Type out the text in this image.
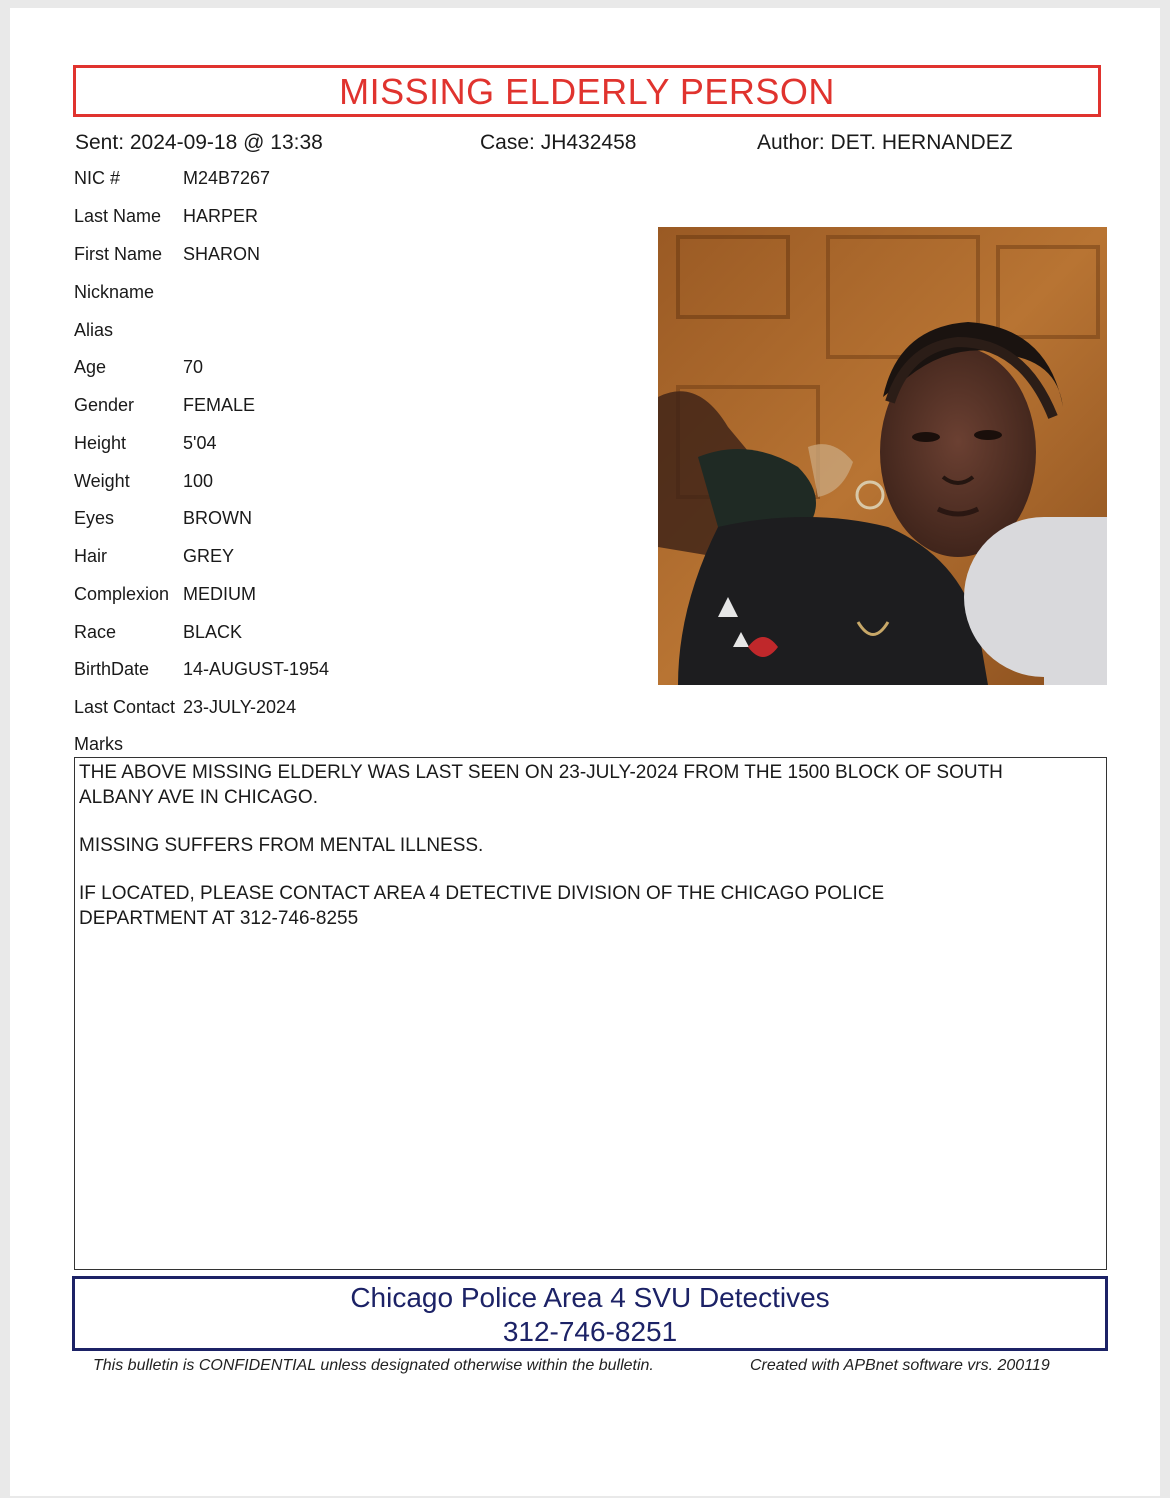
MISSING ELDERLY PERSON
Sent: 2024-09-18 @ 13:38	Case: JH432458	Author: DET. HERNANDEZ
NIC #	M24B7267
Last Name HARPER
First Name SHARON
Nickname
Alias
Age	70
Gender	FEMALE
Height	5'04
Weight	100
Eyes	BROWN
Hair	GREY
Complexion MEDIUM
Race	BLACK
BirthDate 14-AUGUST-1954
Last Contact 23-JULY-2024
Marks

THE ABOVE MISSING ELDERLY WAS LAST SEEN ON 23-JULY-2024 FROM THE 1500 BLOCK OF SOUTH
ALBANY AVE IN CHICAGO.

MISSING SUFFERS FROM MENTAL ILLNESS.

IF LOCATED, PLEASE CONTACT AREA 4 DETECTIVE DIVISION OF THE CHICAGO POLICE
DEPARTMENT AT 312-746-8255

Chicago Police Area 4 SVU Detectives
312-746-8251
This bulletin is CONFIDENTIAL unless designated otherwise within the bulletin.	Created with APBnet software vrs. 200119
